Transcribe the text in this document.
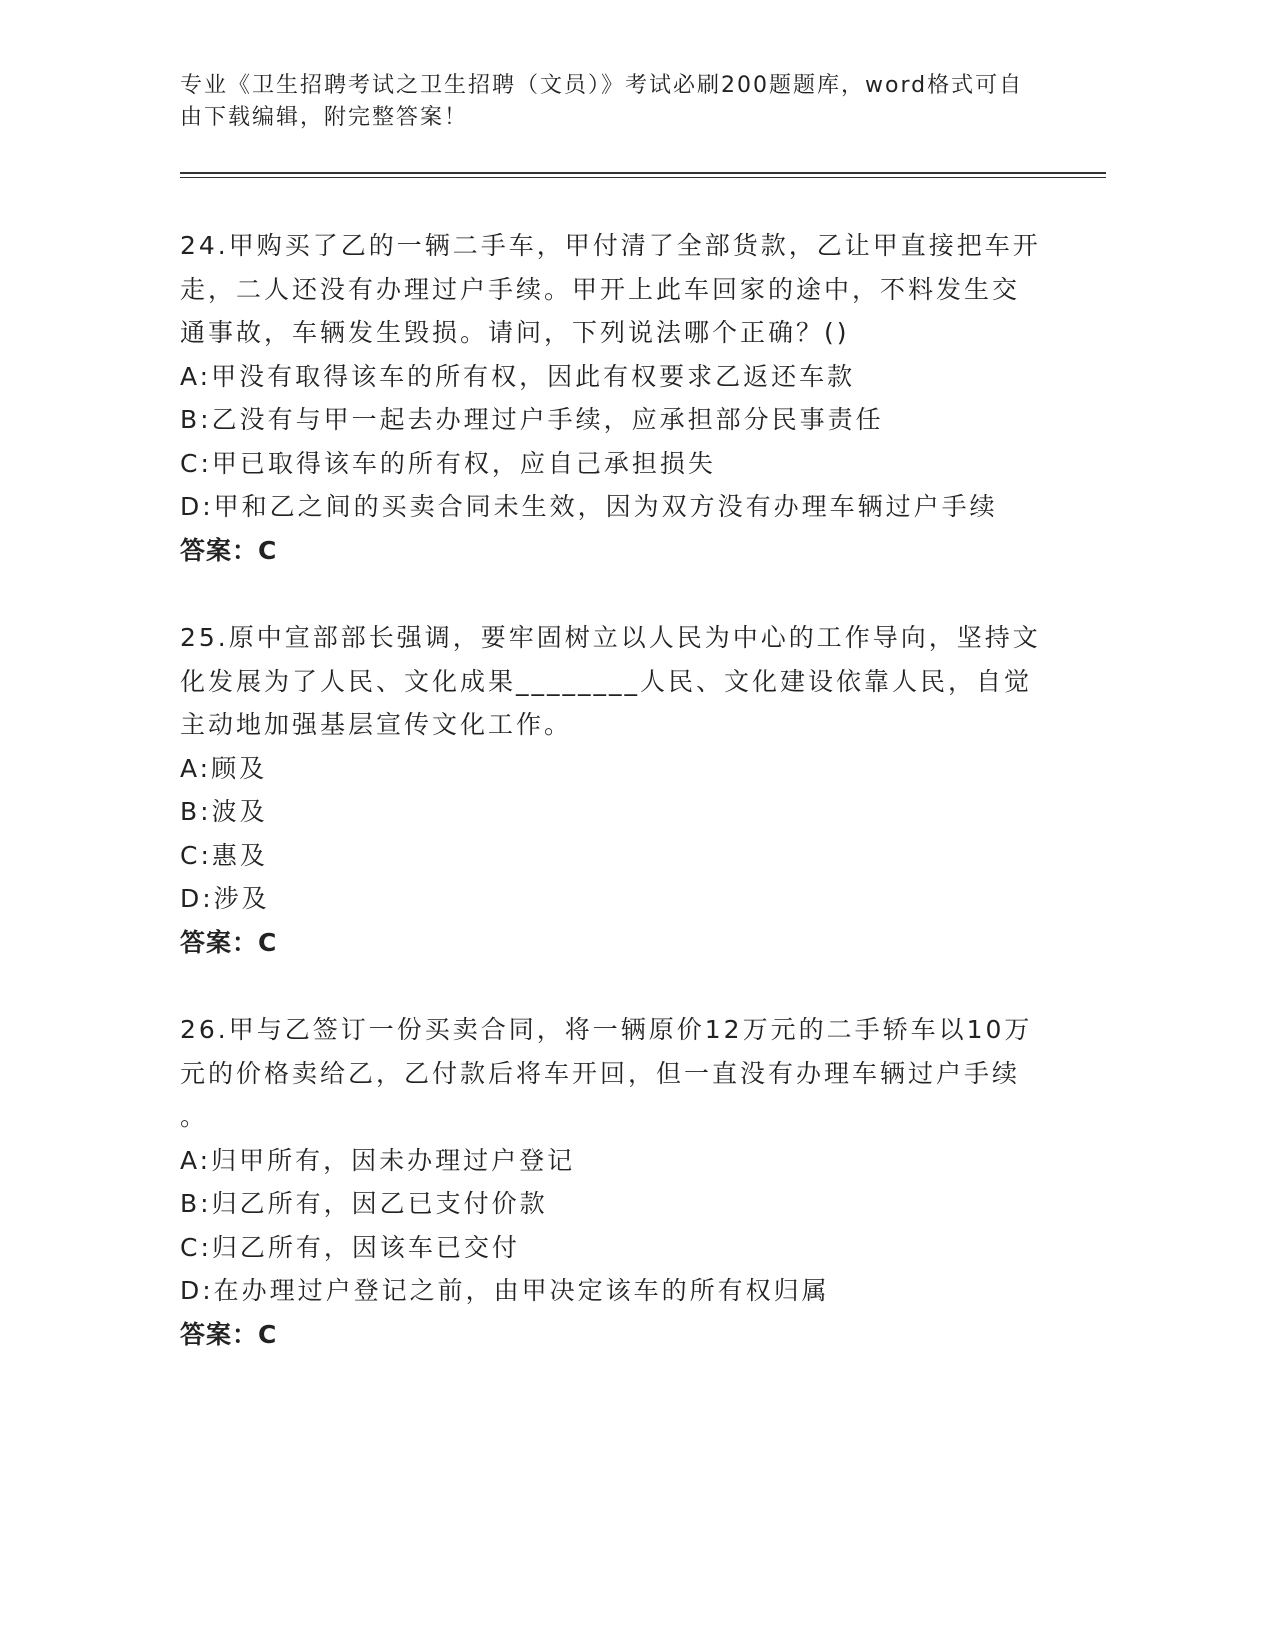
专业《卫生招聘考试之卫生招聘（文员）》考试必刷200题题库，word格式可自
由下载编辑，附完整答案！
24.甲购买了乙的一辆二手车，甲付清了全部货款，乙让甲直接把车开
走，二人还没有办理过户手续。甲开上此车回家的途中，不料发生交
通事故，车辆发生毁损。请问，下列说法哪个正确？()
A:甲没有取得该车的所有权，因此有权要求乙返还车款
B:乙没有与甲一起去办理过户手续，应承担部分民事责任
C:甲已取得该车的所有权，应自己承担损失
D:甲和乙之间的买卖合同未生效，因为双方没有办理车辆过户手续
答案：C
25.原中宣部部长强调，要牢固树立以人民为中心的工作导向，坚持文
化发展为了人民、文化成果________人民、文化建设依靠人民，自觉
主动地加强基层宣传文化工作。
A:顾及
B:波及
C:惠及
D:涉及
答案：C
26.甲与乙签订一份买卖合同，将一辆原价12万元的二手轿车以10万
元的价格卖给乙，乙付款后将车开回，但一直没有办理车辆过户手续
。
A:归甲所有，因未办理过户登记
B:归乙所有，因乙已支付价款
C:归乙所有，因该车已交付
D:在办理过户登记之前，由甲决定该车的所有权归属
答案：C
